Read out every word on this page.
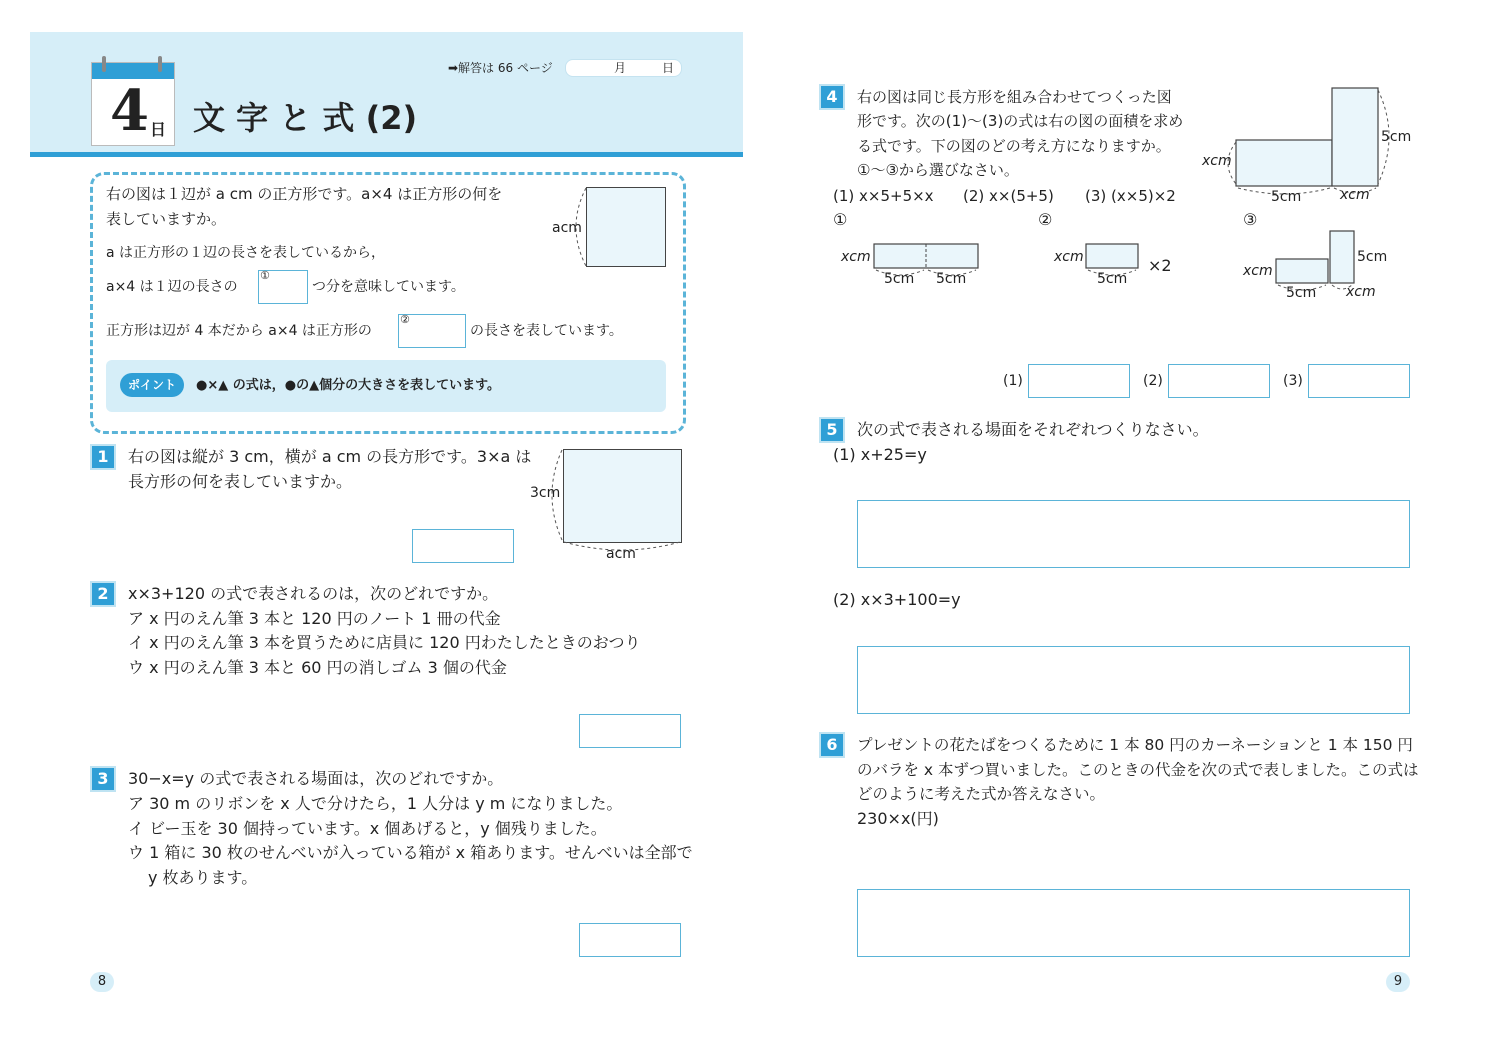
4 日 文 字 と 式 (2)
➡解答は 66 ページ	月	日
右の図は１辺が a cm の正方形です。a×4 は正方形の何を
表していますか。
a は正方形の１辺の長さを表しているから，
a×4 は１辺の長さの
①
つ分を意味しています。
正方形は辺が 4 本だから a×4 は正方形の
②
の長さを表しています。
acm
ポイント	●×▲ の式は，●の▲個分の大きさを表しています。
1	右の図は縦が 3 cm，横が a cm の長方形です。3×a は
長方形の何を表していますか。
3cm
acm
2	x×3+120 の式で表されるのは，次のどれですか。
ア x 円のえん筆 3 本と 120 円のノート 1 冊の代金
イ x 円のえん筆 3 本を買うために店員に 120 円わたしたときのおつり
ウ x 円のえん筆 3 本と 60 円の消しゴム 3 個の代金
3	30−x=y の式で表される場面は，次のどれですか。
ア 30 m のリボンを x 人で分けたら，1 人分は y m になりました。
イ ビー玉を 30 個持っています。x 個あげると，y 個残りました。
ウ 1 箱に 30 枚のせんべいが入っている箱が x 箱あります。せんべいは全部で
y 枚あります。
8
4	右の図は同じ長方形を組み合わせてつくった図
形です。次の(1)〜(3)の式は右の図の面積を求め
る式です。下の図のどの考え方になりますか。
①〜③から選びなさい。
(1) x×5+5×x (2) x×(5+5) (3) (x×5)×2
5cm
xcm
5cm	xcm
①	②	③
xcm
5cm 5cm
xcm
5cm
×2	xcm
5cm
5cm xcm
(1)	(2)	(3)
5	次の式で表される場面をそれぞれつくりなさい。
(1) x+25=y
(2) x×3+100=y
6	プレゼントの花たばをつくるために 1 本 80 円のカーネーションと 1 本 150 円
のバラを x 本ずつ買いました。このときの代金を次の式で表しました。この式は
どのように考えた式か答えなさい。
230×x(円)
9
